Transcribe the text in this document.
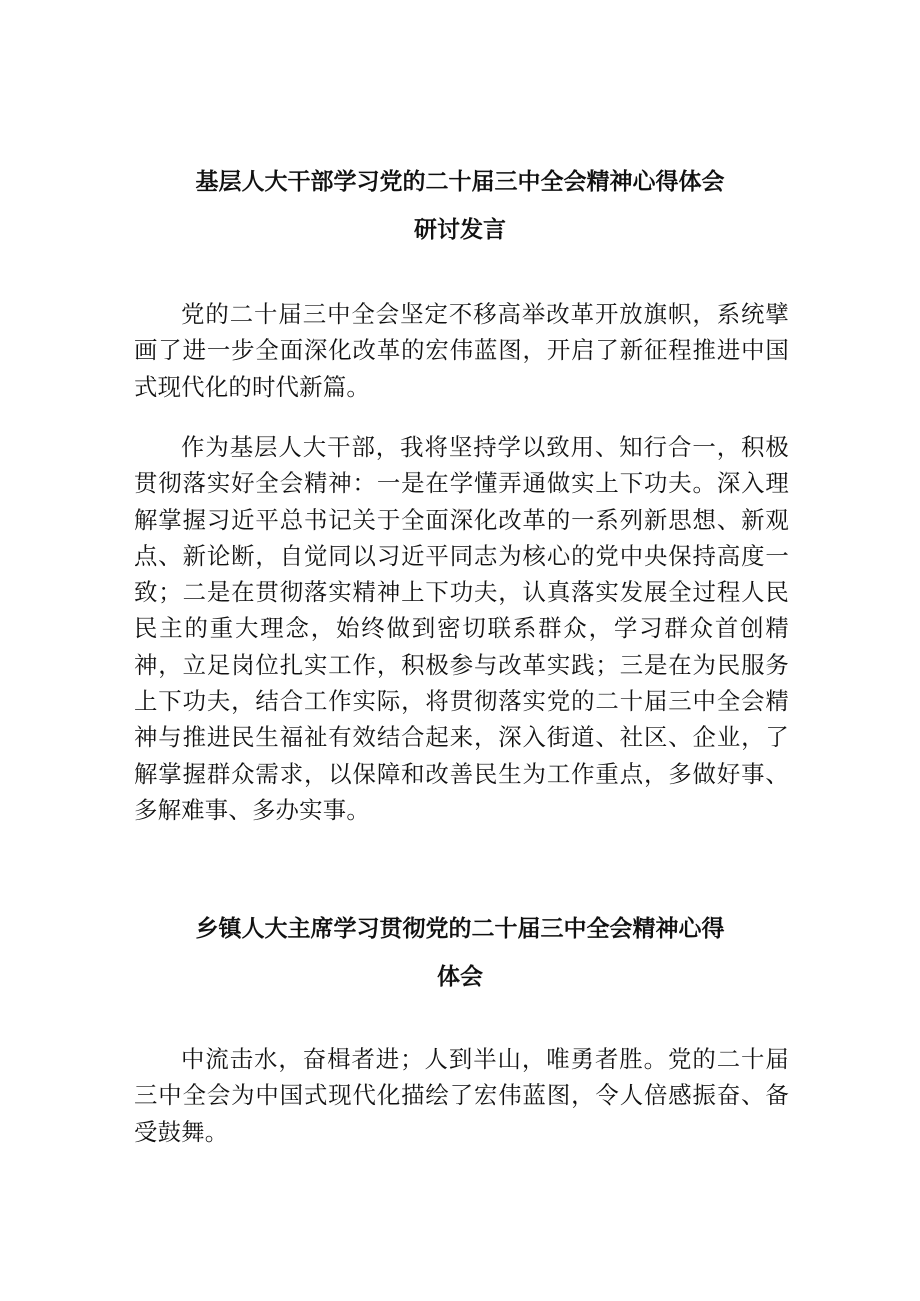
基层人大干部学习党的二十届三中全会精神心得体会
研讨发言

党的二十届三中全会坚定不移高举改革开放旗帜，系统擘画了进一步全面深化改革的宏伟蓝图，开启了新征程推进中国式现代化的时代新篇。

作为基层人大干部，我将坚持学以致用、知行合一，积极贯彻落实好全会精神：一是在学懂弄通做实上下功夫。深入理解掌握习近平总书记关于全面深化改革的一系列新思想、新观点、新论断，自觉同以习近平同志为核心的党中央保持高度一致；二是在贯彻落实精神上下功夫，认真落实发展全过程人民民主的重大理念，始终做到密切联系群众，学习群众首创精神，立足岗位扎实工作，积极参与改革实践；三是在为民服务上下功夫，结合工作实际，将贯彻落实党的二十届三中全会精神与推进民生福祉有效结合起来，深入街道、社区、企业，了解掌握群众需求，以保障和改善民生为工作重点，多做好事、多解难事、多办实事。

乡镇人大主席学习贯彻党的二十届三中全会精神心得
体会

中流击水，奋楫者进；人到半山，唯勇者胜。党的二十届三中全会为中国式现代化描绘了宏伟蓝图，令人倍感振奋、备受鼓舞。
